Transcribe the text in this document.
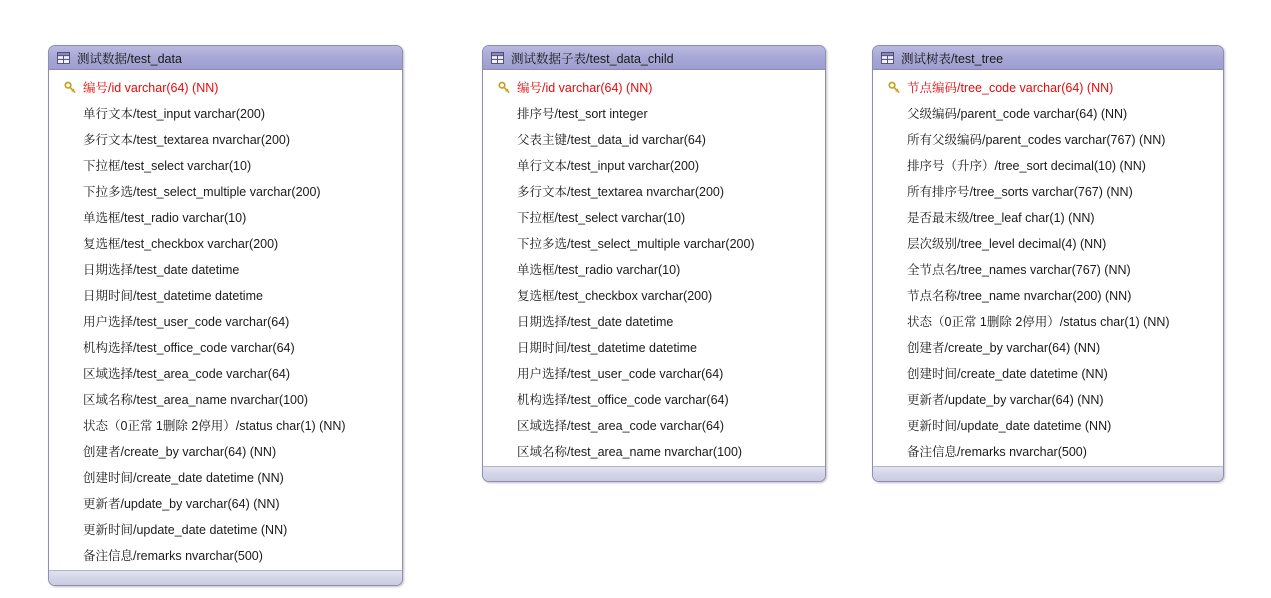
测试数据/test_data
编号/id varchar(64) (NN)
单行文本/test_input varchar(200)
多行文本/test_textarea nvarchar(200)
下拉框/test_select varchar(10)
下拉多选/test_select_multiple varchar(200)
单选框/test_radio varchar(10)
复选框/test_checkbox varchar(200)
日期选择/test_date datetime
日期时间/test_datetime datetime
用户选择/test_user_code varchar(64)
机构选择/test_office_code varchar(64)
区域选择/test_area_code varchar(64)
区域名称/test_area_name nvarchar(100)
状态（0正常 1删除 2停用）/status char(1) (NN)
创建者/create_by varchar(64) (NN)
创建时间/create_date datetime (NN)
更新者/update_by varchar(64) (NN)
更新时间/update_date datetime (NN)
备注信息/remarks nvarchar(500)
测试数据子表/test_data_child
编号/id varchar(64) (NN)
排序号/test_sort integer
父表主键/test_data_id varchar(64)
单行文本/test_input varchar(200)
多行文本/test_textarea nvarchar(200)
下拉框/test_select varchar(10)
下拉多选/test_select_multiple varchar(200)
单选框/test_radio varchar(10)
复选框/test_checkbox varchar(200)
日期选择/test_date datetime
日期时间/test_datetime datetime
用户选择/test_user_code varchar(64)
机构选择/test_office_code varchar(64)
区域选择/test_area_code varchar(64)
区域名称/test_area_name nvarchar(100)
测试树表/test_tree
节点编码/tree_code varchar(64) (NN)
父级编码/parent_code varchar(64) (NN)
所有父级编码/parent_codes varchar(767) (NN)
排序号（升序）/tree_sort decimal(10) (NN)
所有排序号/tree_sorts varchar(767) (NN)
是否最末级/tree_leaf char(1) (NN)
层次级别/tree_level decimal(4) (NN)
全节点名/tree_names varchar(767) (NN)
节点名称/tree_name nvarchar(200) (NN)
状态（0正常 1删除 2停用）/status char(1) (NN)
创建者/create_by varchar(64) (NN)
创建时间/create_date datetime (NN)
更新者/update_by varchar(64) (NN)
更新时间/update_date datetime (NN)
备注信息/remarks nvarchar(500)
